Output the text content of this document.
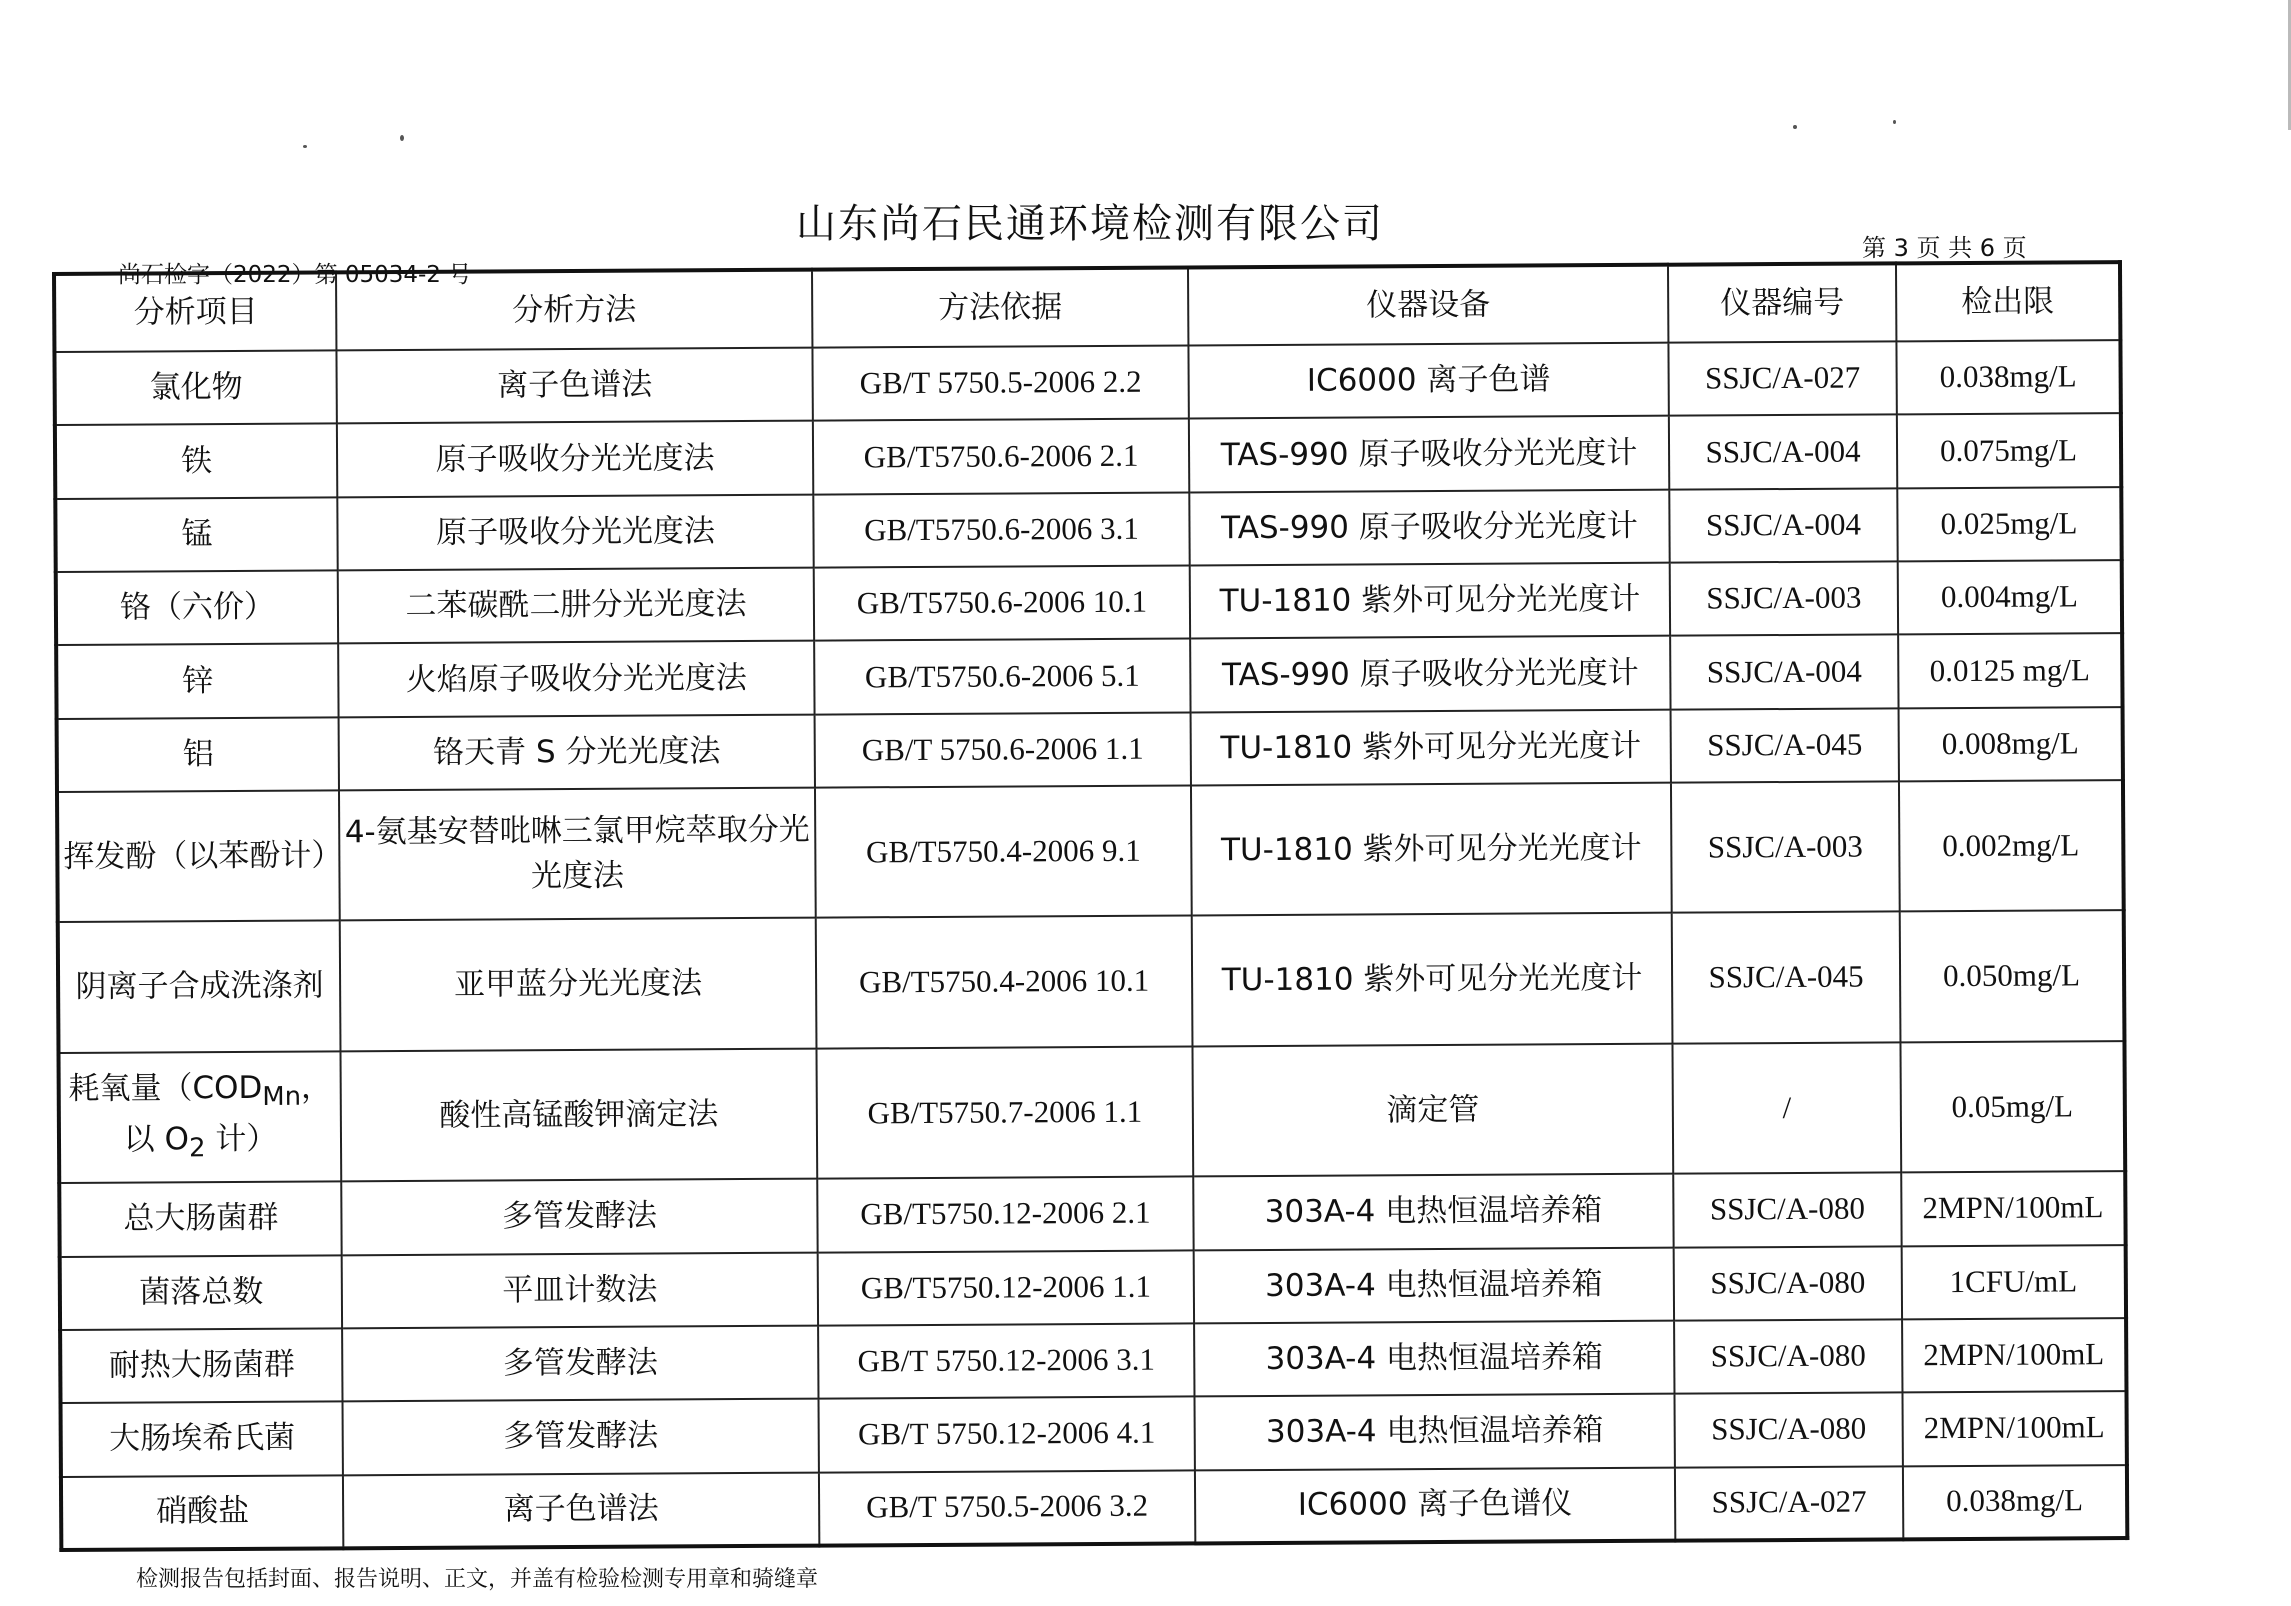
山东尚石民通环境检测有限公司
第 3 页 共 6 页
尚石检字（2022）第 05034-2 号
分析项目	分析方法	方法依据	仪器设备	仪器编号	检出限
氯化物	离子色谱法	GB/T 5750.5-2006 2.2	IC6000 离子色谱	SSJC/A-027	0.038mg/L
铁	原子吸收分光光度法	GB/T5750.6-2006 2.1	TAS-990 原子吸收分光光度计	SSJC/A-004	0.075mg/L
锰	原子吸收分光光度法	GB/T5750.6-2006 3.1	TAS-990 原子吸收分光光度计	SSJC/A-004	0.025mg/L
铬（六价）	二苯碳酰二肼分光光度法	GB/T5750.6-2006 10.1	TU-1810 紫外可见分光光度计	SSJC/A-003	0.004mg/L
锌	火焰原子吸收分光光度法	GB/T5750.6-2006 5.1	TAS-990 原子吸收分光光度计	SSJC/A-004	0.0125 mg/L
铝	铬天青 S 分光光度法	GB/T 5750.6-2006 1.1	TU-1810 紫外可见分光光度计	SSJC/A-045	0.008mg/L
挥发酚（以苯酚计）	4-氨基安替吡啉三氯甲烷萃取分光光度法	GB/T5750.4-2006 9.1	TU-1810 紫外可见分光光度计	SSJC/A-003	0.002mg/L
阴离子合成洗涤剂	亚甲蓝分光光度法	GB/T5750.4-2006 10.1	TU-1810 紫外可见分光光度计	SSJC/A-045	0.050mg/L
耗氧量（$COD_{Mn}$，以 $O_2$ 计）	酸性高锰酸钾滴定法	GB/T5750.7-2006 1.1	滴定管	/	0.05mg/L
总大肠菌群	多管发酵法	GB/T5750.12-2006 2.1	303A-4 电热恒温培养箱	SSJC/A-080	2MPN/100mL
菌落总数	平皿计数法	GB/T5750.12-2006 1.1	303A-4 电热恒温培养箱	SSJC/A-080	1CFU/mL
耐热大肠菌群	多管发酵法	GB/T 5750.12-2006 3.1	303A-4 电热恒温培养箱	SSJC/A-080	2MPN/100mL
大肠埃希氏菌	多管发酵法	GB/T 5750.12-2006 4.1	303A-4 电热恒温培养箱	SSJC/A-080	2MPN/100mL
硝酸盐	离子色谱法	GB/T 5750.5-2006 3.2	IC6000 离子色谱仪	SSJC/A-027	0.038mg/L
检测报告包括封面、报告说明、正文，并盖有检验检测专用章和骑缝章
